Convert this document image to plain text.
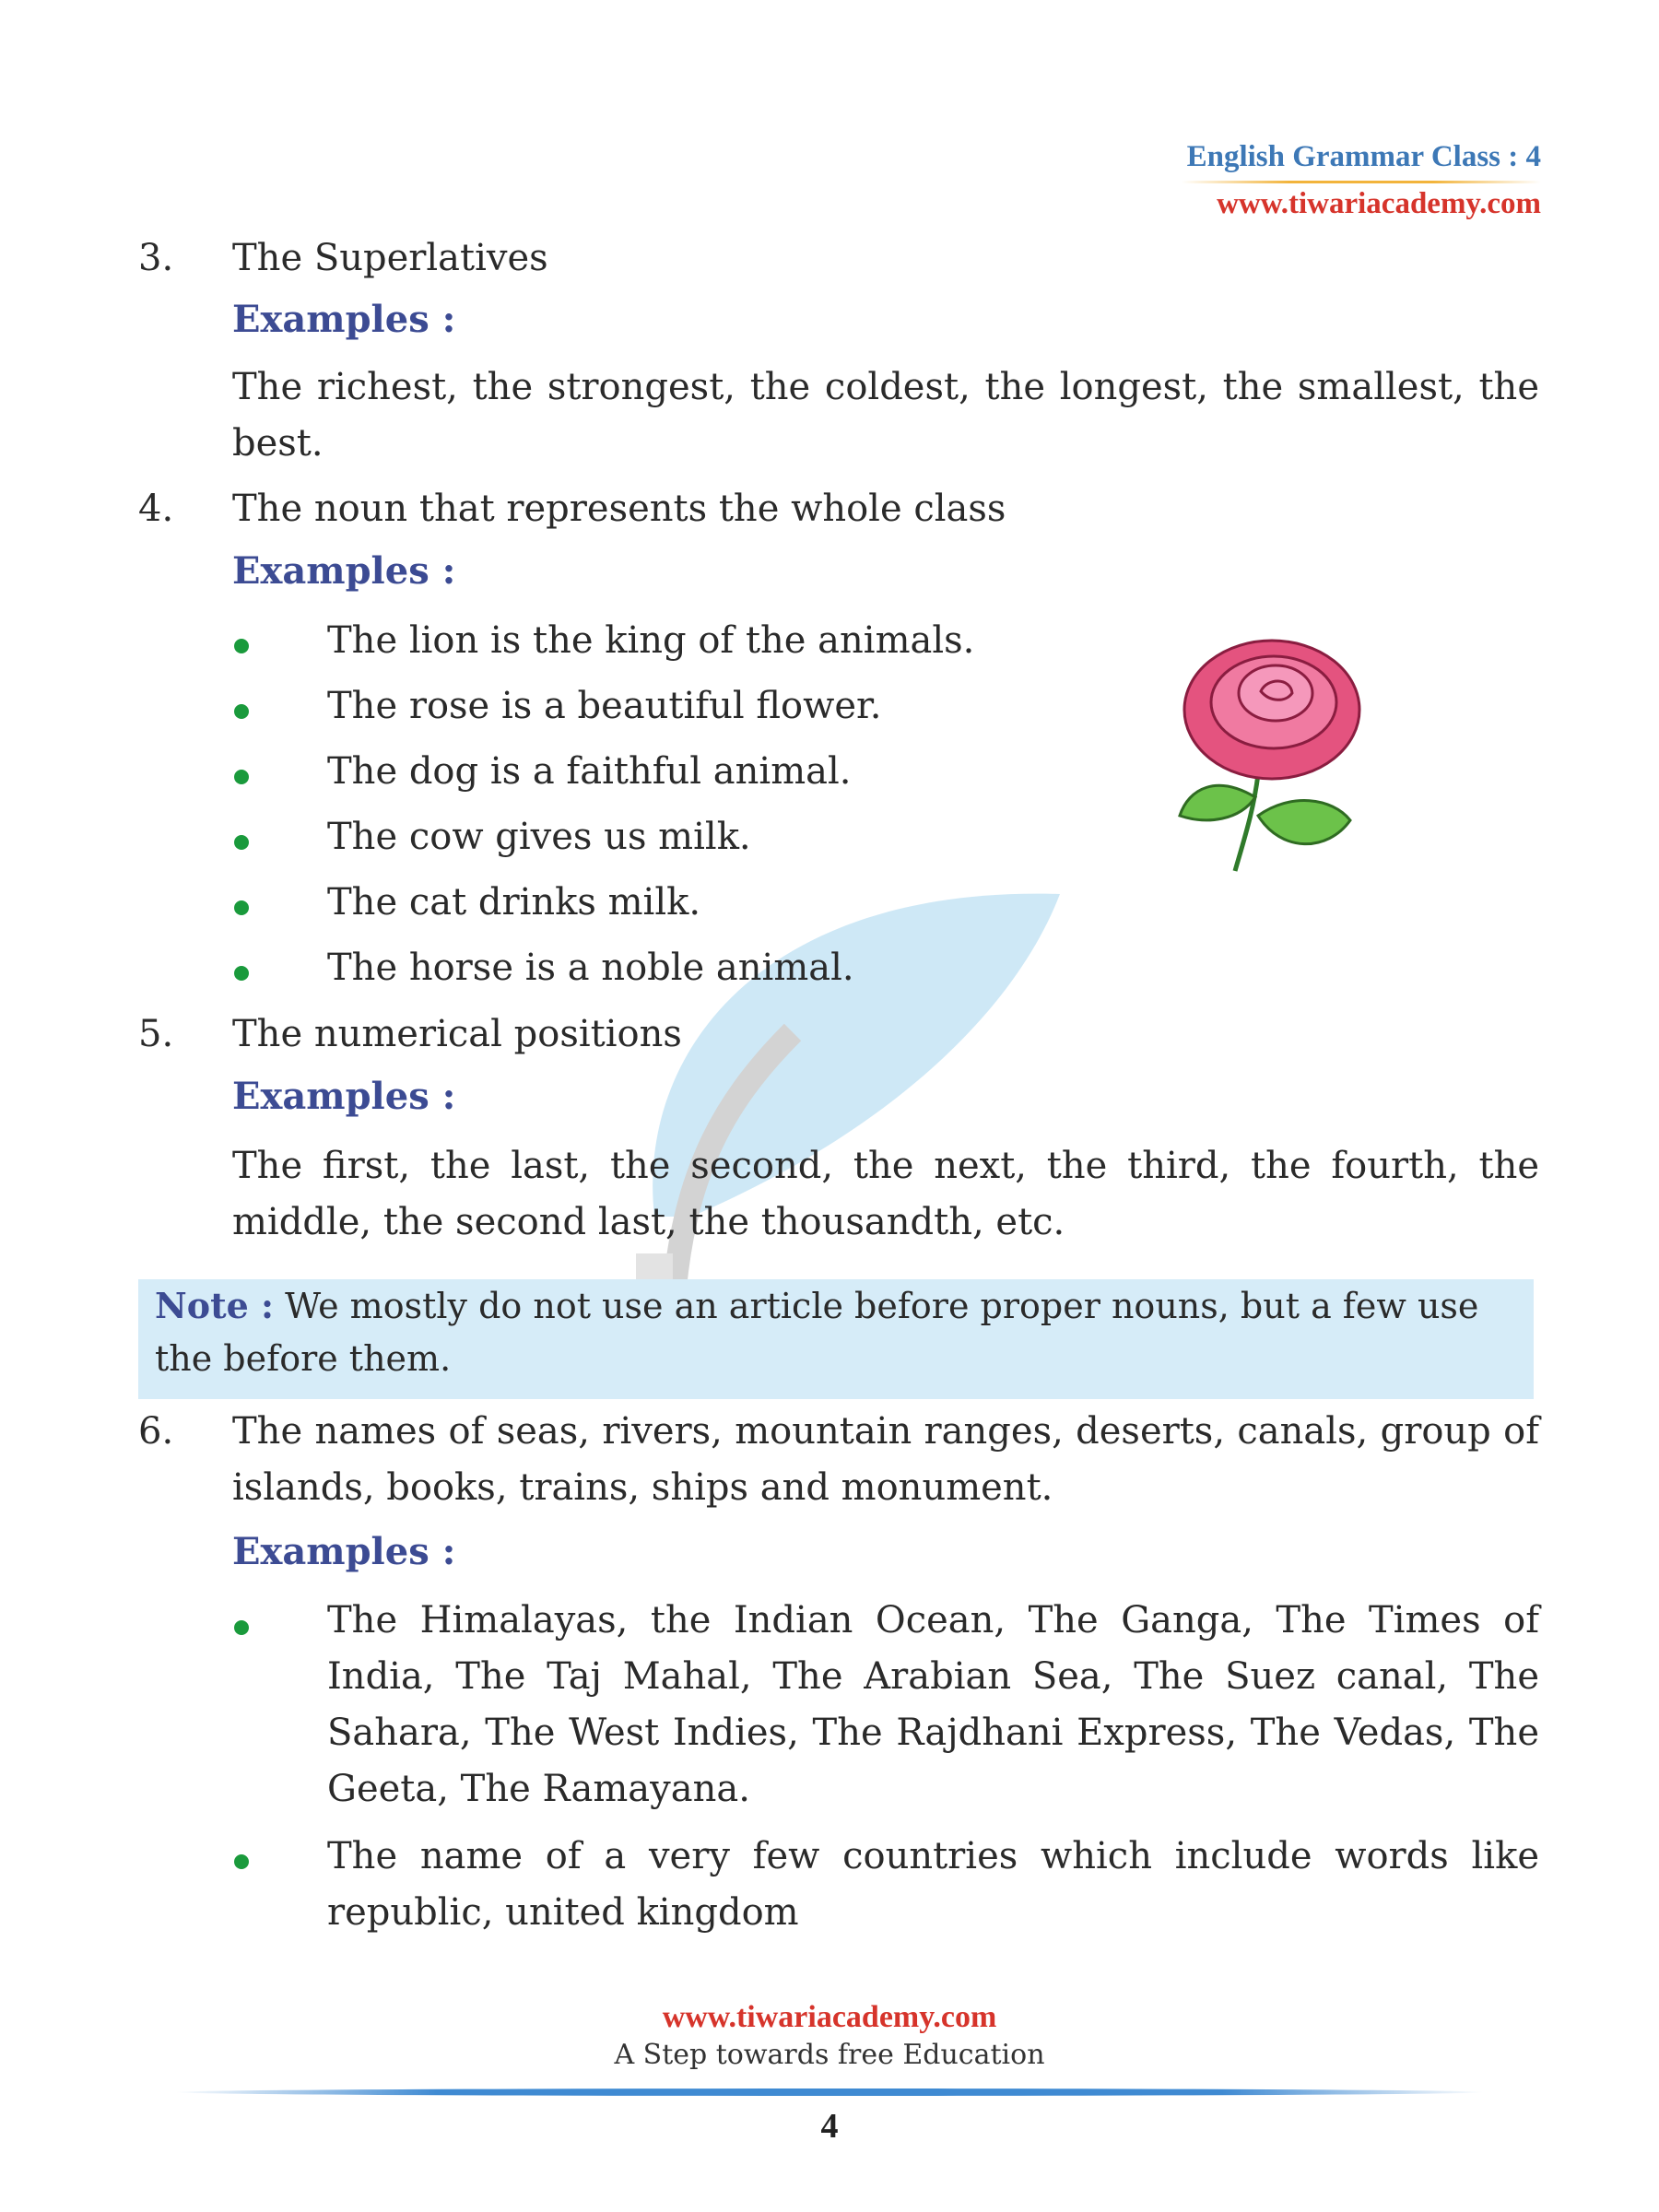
English Grammar Class : 4
www.tiwariacademy.com
3. The Superlatives
Examples :
The richest, the strongest, the coldest, the longest, the smallest, the best.
4. The noun that represents the whole class
Examples :
The lion is the king of the animals.
The rose is a beautiful flower.
The dog is a faithful animal.
The cow gives us milk.
The cat drinks milk.
The horse is a noble animal.
5. The numerical positions
Examples :
The first, the last, the second, the next, the third, the fourth, the middle, the second last, the thousandth, etc.
Note : We mostly do not use an article before proper nouns, but a few use the before them.
6. The names of seas, rivers, mountain ranges, deserts, canals, group of islands, books, trains, ships and monument.
Examples :
The Himalayas, the Indian Ocean, The Ganga, The Times of India, The Taj Mahal, The Arabian Sea, The Suez canal, The Sahara, The West Indies, The Rajdhani Express, The Vedas, The Geeta, The Ramayana.
The name of a very few countries which include words like republic, united kingdom
www.tiwariacademy.com
A Step towards free Education
4
